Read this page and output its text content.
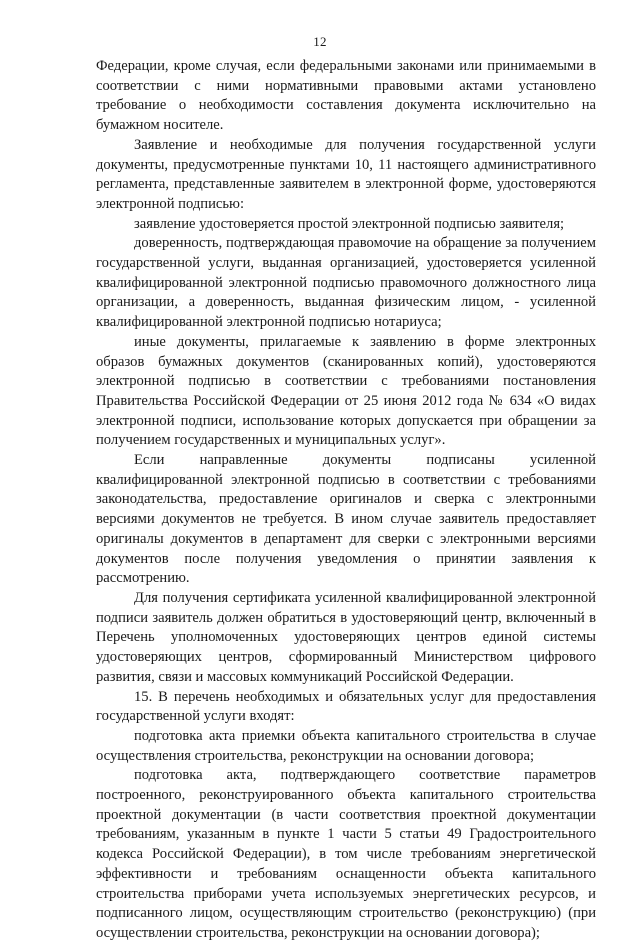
12

Федерации, кроме случая, если федеральными законами или принимаемыми в соответствии с ними нормативными правовыми актами установлено требование о необходимости составления документа исключительно на бумажном носителе.

Заявление и необходимые для получения государственной услуги документы, предусмотренные пунктами 10, 11 настоящего административного регламента, представленные заявителем в электронной форме, удостоверяются электронной подписью:

заявление удостоверяется простой электронной подписью заявителя;

доверенность, подтверждающая правомочие на обращение за получением государственной услуги, выданная организацией, удостоверяется усиленной квалифицированной электронной подписью правомочного должностного лица организации, а доверенность, выданная физическим лицом, - усиленной квалифицированной электронной подписью нотариуса;

иные документы, прилагаемые к заявлению в форме электронных образов бумажных документов (сканированных копий), удостоверяются электронной подписью в соответствии с требованиями постановления Правительства Российской Федерации от 25 июня 2012 года № 634 «О видах электронной подписи, использование которых допускается при обращении за получением государственных и муниципальных услуг».

Если направленные документы подписаны усиленной квалифицированной электронной подписью в соответствии с требованиями законодательства, предоставление оригиналов и сверка с электронными версиями документов не требуется. В ином случае заявитель предоставляет оригиналы документов в департамент для сверки с электронными версиями документов после получения уведомления о принятии заявления к рассмотрению.

Для получения сертификата усиленной квалифицированной электронной подписи заявитель должен обратиться в удостоверяющий центр, включенный в Перечень уполномоченных удостоверяющих центров единой системы удостоверяющих центров, сформированный Министерством цифрового развития, связи и массовых коммуникаций Российской Федерации.

15. В перечень необходимых и обязательных услуг для предоставления государственной услуги входят:

подготовка акта приемки объекта капитального строительства в случае осуществления строительства, реконструкции на основании договора;

подготовка акта, подтверждающего соответствие параметров построенного, реконструированного объекта капитального строительства проектной документации (в части соответствия проектной документации требованиям, указанным в пункте 1 части 5 статьи 49 Градостроительного кодекса Российской Федерации), в том числе требованиям энергетической эффективности и требованиям оснащенности объекта капитального строительства приборами учета используемых энергетических ресурсов, и подписанного лицом, осуществляющим строительство (реконструкцию) (при осуществлении строительства, реконструкции на основании договора);
